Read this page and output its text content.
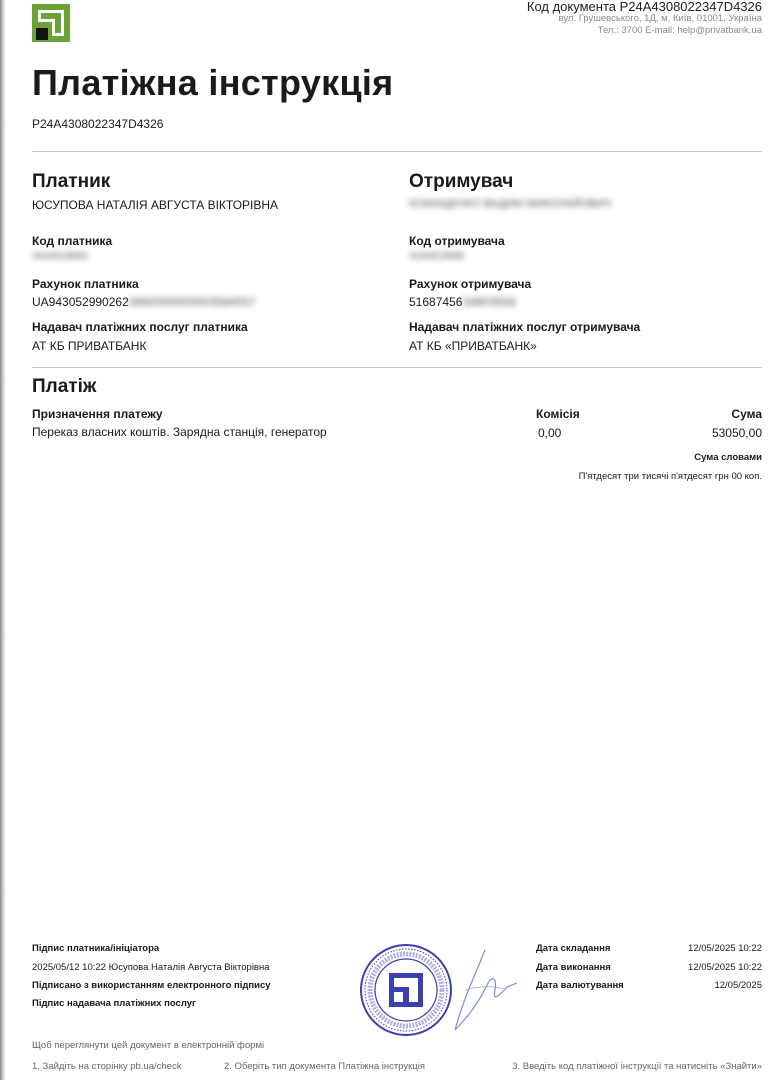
Код документа P24A4308022347D4326
вул. Грушевського, 1Д, м. Київ, 01001, Україна
Тел.: 3700 E-mail: help@privatbank.ua
Платіжна інструкція
P24A4308022347D4326
Платник
ЮСУПОВА НАТАЛІЯ АВГУСТА ВІКТОРІВНА
Код платника
3444918883
Рахунок платника
UA9430529902620660000000003584557
Надавач платіжних послуг платника
АТ КБ ПРИВАТБАНК
Отримувач
КОМАЩЕНКО ВАДИМ МИКОЛАЙОВИЧ
Код отримувача
3184818986
Рахунок отримувача
5168745634903556
Надавач платіжних послуг отримувача
АТ КБ «ПРИВАТБАНК»
Платіж
Призначення платежу
Переказ власних коштів. Зарядна станція, генератор
Комісія
0,00
Сума
53050,00
Сума словами
П'ятдесят три тисячі п'ятдесят грн 00 коп.
Підпис платника/ініціатора
2025/05/12 10:22 Юсупова Наталія Августа Вікторівна
Підписано з використанням електронного підпису
Підпис надавача платіжних послуг
Дата складання	12/05/2025 10:22
Дата виконання	12/05/2025 10:22
Дата валютування	12/05/2025
Щоб переглянути цей документ в електронній формі
1. Зайдіть на сторінку pb.ua/check	2. Оберіть тип документа Платіжна інструкція	3. Введіть код платіжної інструкції та натисніть «Знайти»
